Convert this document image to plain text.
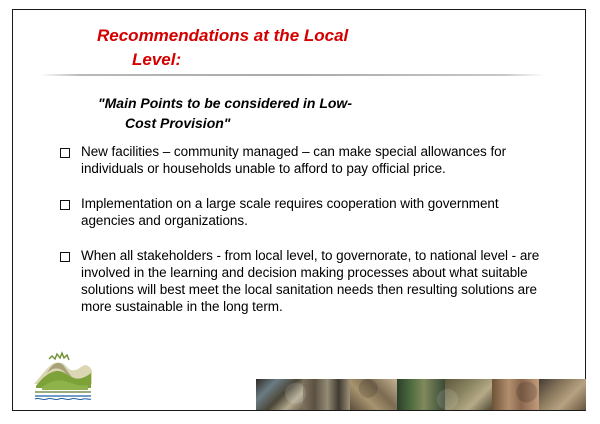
Recommendations at the Local
Level:
"Main Points to be considered in Low-
Cost Provision"
New facilities – community managed – can make special allowances for individuals or households unable to afford to pay official price.
Implementation on a large scale requires cooperation with government agencies and organizations.
When all stakeholders - from local level, to governorate, to national level - are involved in the learning and decision making processes about what suitable solutions will best meet the local sanitation needs then resulting solutions are more sustainable in the long term.
